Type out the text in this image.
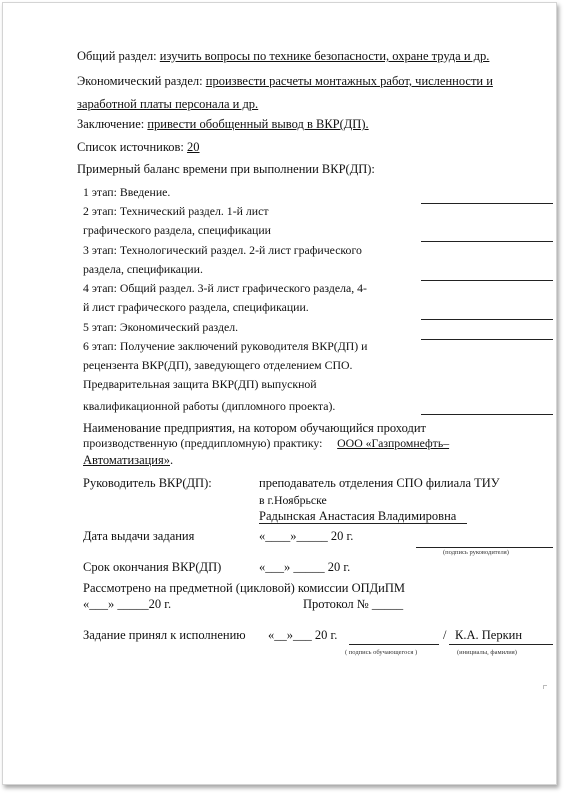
Общий раздел: изучить вопросы по технике безопасности, охране труда и др.
Экономический раздел: произвести расчеты монтажных работ, численности и
заработной платы персонала и др.
Заключение: привести обобщенный вывод в ВКР(ДП).
Список источников: 20
Примерный баланс времени при выполнении ВКР(ДП):
1 этап: Введение.
2 этап: Технический раздел. 1-й лист
графического раздела, спецификации
3 этап: Технологический раздел. 2-й лист графического
раздела, спецификации.
4 этап: Общий раздел. 3-й лист графического раздела, 4-
й лист графического раздела, спецификации.
5 этап: Экономический раздел.
6 этап: Получение заключений руководителя ВКР(ДП) и
рецензента ВКР(ДП), заведующего отделением СПО.
Предварительная защита ВКР(ДП) выпускной
квалификационной работы (дипломного проекта).
Наименование предприятия, на котором обучающийся проходит
производственную (преддипломную) практику: ООО «Газпромнефть–
Автоматизация».
Руководитель ВКР(ДП):	преподаватель отделения СПО филиала ТИУ
в г.Ноябрьске
Радынская Анастасия Владимировна
Дата выдачи задания	«____»_____ 20 г.
(подпись руководителя)
Срок окончания ВКР(ДП)	«___» _____ 20 г.
Рассмотрено на предметной (цикловой) комиссии ОПДиПМ
«___» _____20 г.	Протокол № _____
Задание принял к исполнению «__»___ 20 г.	/ К.А. Перкин
( подпись обучающегося )	(инициалы, фамилия)
